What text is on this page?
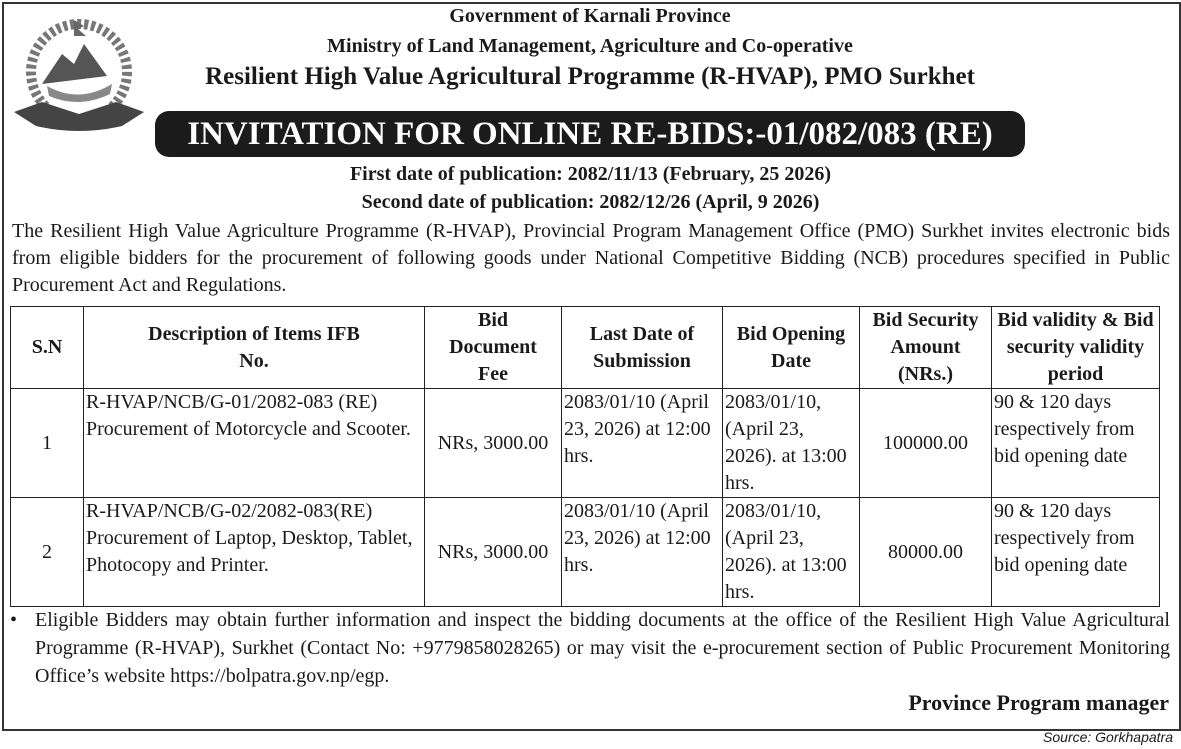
Government of Karnali Province
Ministry of Land Management, Agriculture and Co-operative
Resilient High Value Agricultural Programme (R-HVAP), PMO Surkhet
INVITATION FOR ONLINE RE-BIDS:-01/082/083 (RE)
First date of publication: 2082/11/13 (February, 25 2026)
Second date of publication: 2082/12/26 (April, 9 2026)
The Resilient High Value Agriculture Programme (R-HVAP), Provincial Program Management Office (PMO) Surkhet invites electronic bids from eligible bidders for the procurement of following goods under National Competitive Bidding (NCB) procedures specified in Public Procurement Act and Regulations.
S.N	Description of Items IFB No.	Bid Document Fee	Last Date of Submission	Bid Opening Date	Bid Security Amount (NRs.)	Bid validity & Bid security validity period
1	R-HVAP/NCB/G-01/2082-083 (RE) Procurement of Motorcycle and Scooter.	NRs, 3000.00	2083/01/10 (April 23, 2026) at 12:00 hrs.	2083/01/10, (April 23, 2026). at 13:00 hrs.	100000.00	90 & 120 days respectively from bid opening date
2	R-HVAP/NCB/G-02/2082-083(RE) Procurement of Laptop, Desktop, Tablet, Photocopy and Printer.	NRs, 3000.00	2083/01/10 (April 23, 2026) at 12:00 hrs.	2083/01/10, (April 23, 2026). at 13:00 hrs.	80000.00	90 & 120 days respectively from bid opening date
• Eligible Bidders may obtain further information and inspect the bidding documents at the office of the Resilient High Value Agricultural Programme (R-HVAP), Surkhet (Contact No: +9779858028265) or may visit the e-procurement section of Public Procurement Monitoring Office’s website https://bolpatra.gov.np/egp.
Province Program manager
Source: Gorkhapatra
